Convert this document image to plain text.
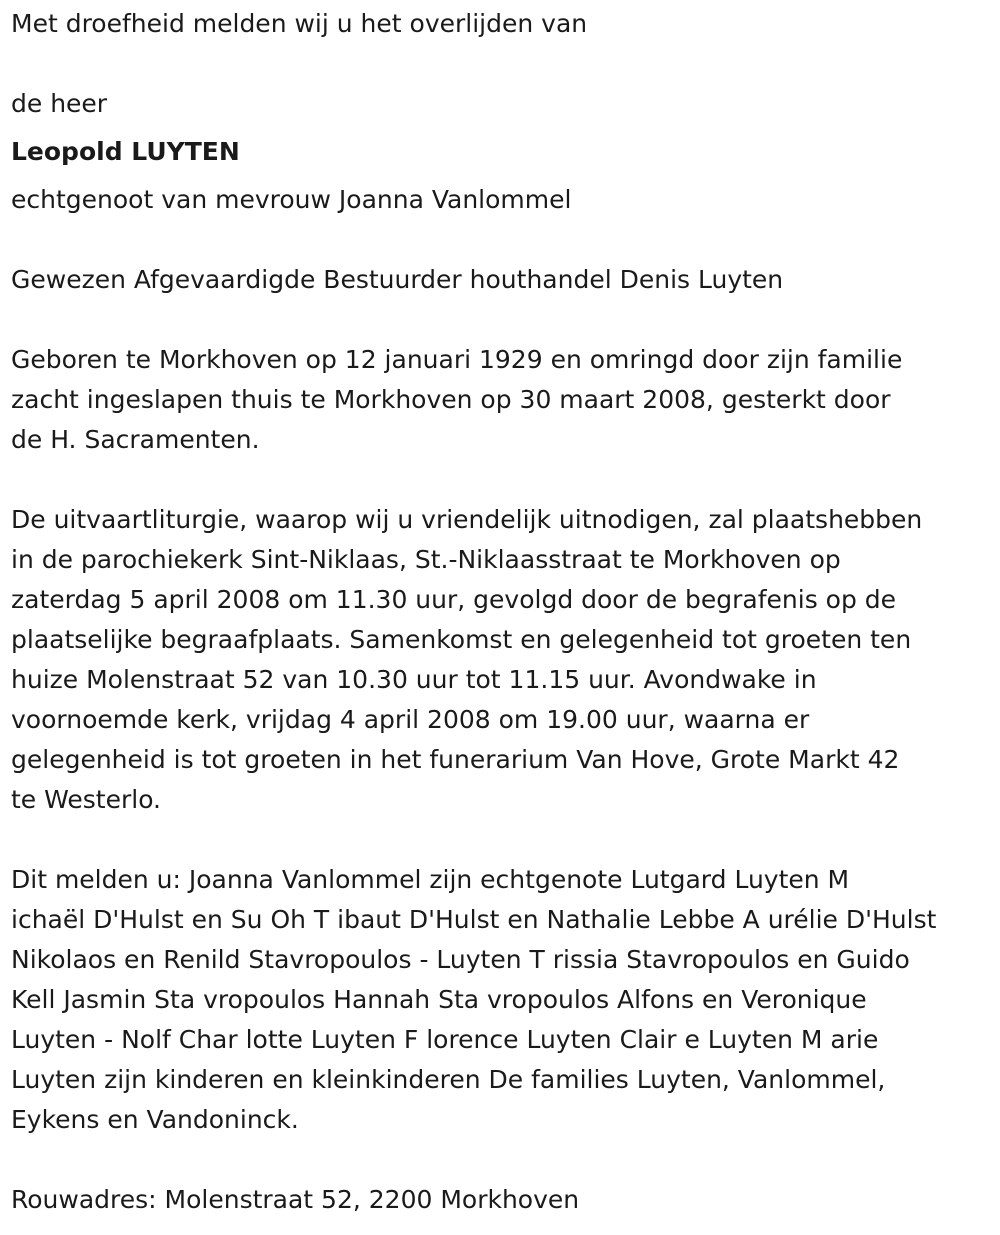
Met droefheid melden wij u het overlijden van
de heer
Leopold LUYTEN
echtgenoot van mevrouw Joanna Vanlommel
Gewezen Afgevaardigde Bestuurder houthandel Denis Luyten
Geboren te Morkhoven op 12 januari 1929 en omringd door zijn familie
zacht ingeslapen thuis te Morkhoven op 30 maart 2008, gesterkt door
de H. Sacramenten.
De uitvaartliturgie, waarop wij u vriendelijk uitnodigen, zal plaatshebben
in de parochiekerk Sint-Niklaas, St.-Niklaasstraat te Morkhoven op
zaterdag 5 april 2008 om 11.30 uur, gevolgd door de begrafenis op de
plaatselijke begraafplaats. Samenkomst en gelegenheid tot groeten ten
huize Molenstraat 52 van 10.30 uur tot 11.15 uur. Avondwake in
voornoemde kerk, vrijdag 4 april 2008 om 19.00 uur, waarna er
gelegenheid is tot groeten in het funerarium Van Hove, Grote Markt 42
te Westerlo.
Dit melden u: Joanna Vanlommel zijn echtgenote Lutgard Luyten M
ichaël D'Hulst en Su Oh T ibaut D'Hulst en Nathalie Lebbe A urélie D'Hulst
Nikolaos en Renild Stavropoulos - Luyten T rissia Stavropoulos en Guido
Kell Jasmin Sta vropoulos Hannah Sta vropoulos Alfons en Veronique
Luyten - Nolf Char lotte Luyten F lorence Luyten Clair e Luyten M arie
Luyten zijn kinderen en kleinkinderen De families Luyten, Vanlommel,
Eykens en Vandoninck.
Rouwadres: Molenstraat 52, 2200 Morkhoven
